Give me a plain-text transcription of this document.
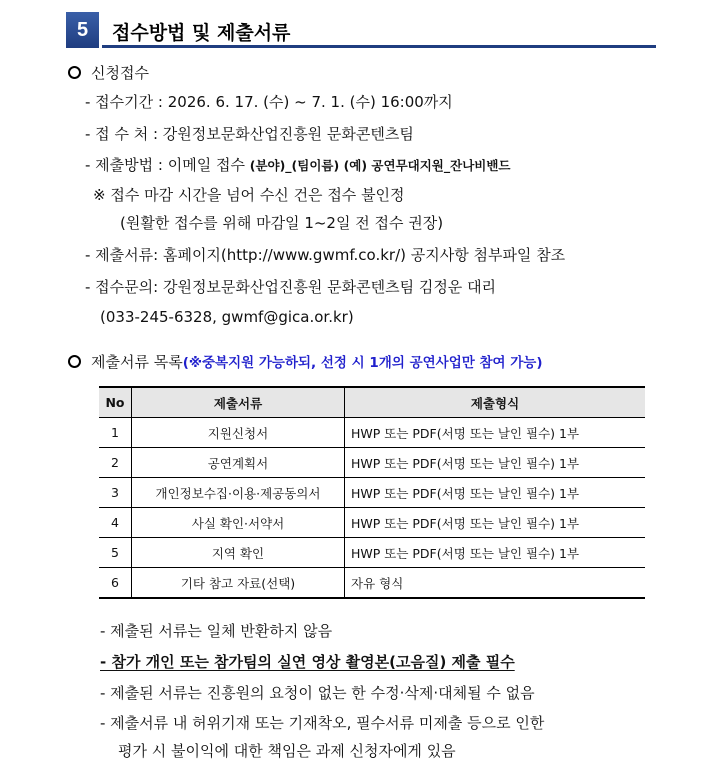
5	접수방법 및 제출서류
신청접수
- 접수기간 : 2026. 6. 17. (수) ~ 7. 1. (수) 16:00까지
- 접 수 처 : 강원정보문화산업진흥원 문화콘텐츠팀
- 제출방법 : 이메일 접수 (분야)_(팀이름) (예) 공연무대지원_잔나비밴드
※ 접수 마감 시간을 넘어 수신 건은 접수 불인정
(원활한 접수를 위해 마감일 1~2일 전 접수 권장)
- 제출서류: 홈페이지(http://www.gwmf.co.kr/) 공지사항 첨부파일 참조
- 접수문의: 강원정보문화산업진흥원 문화콘텐츠팀 김정운 대리
(033-245-6328, gwmf@gica.or.kr)
제출서류 목록(※중복지원 가능하되, 선정 시 1개의 공연사업만 참여 가능)
No	제출서류	제출형식
1	지원신청서	HWP 또는 PDF(서명 또는 날인 필수) 1부
2	공연계획서	HWP 또는 PDF(서명 또는 날인 필수) 1부
3	개인정보수집·이용·제공동의서	HWP 또는 PDF(서명 또는 날인 필수) 1부
4	사실 확인·서약서	HWP 또는 PDF(서명 또는 날인 필수) 1부
5	지역 확인	HWP 또는 PDF(서명 또는 날인 필수) 1부
6	기타 참고 자료(선택)	자유 형식
- 제출된 서류는 일체 반환하지 않음
- 참가 개인 또는 참가팀의 실연 영상 촬영본(고음질) 제출 필수
- 제출된 서류는 진흥원의 요청이 없는 한 수정·삭제·대체될 수 없음
- 제출서류 내 허위기재 또는 기재착오, 필수서류 미제출 등으로 인한
평가 시 불이익에 대한 책임은 과제 신청자에게 있음
